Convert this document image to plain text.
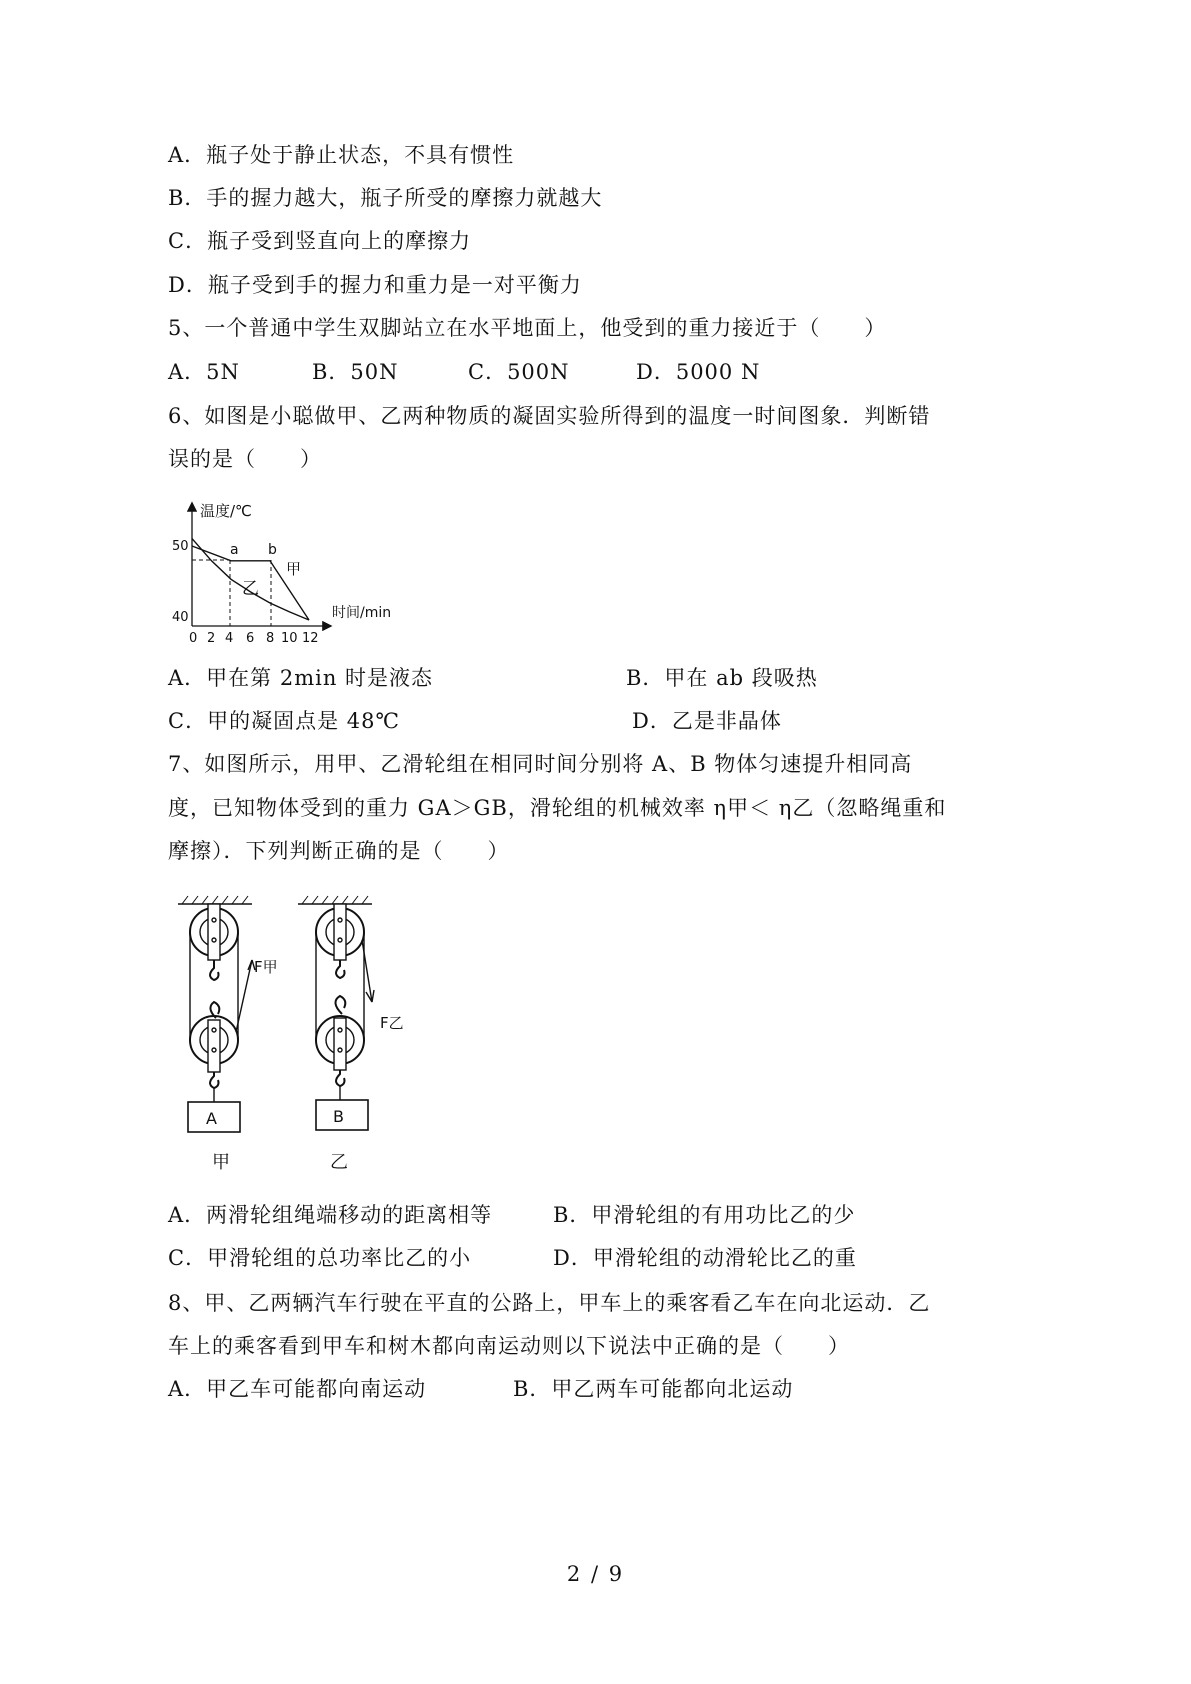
A．瓶子处于静止状态，不具有惯性
B．手的握力越大，瓶子所受的摩擦力就越大
C．瓶子受到竖直向上的摩擦力
D．瓶子受到手的握力和重力是一对平衡力
5、一个普通中学生双脚站立在水平地面上，他受到的重力接近于（　　）
A．5N	B．50N	C．500N	D．5000 N
6、如图是小聪做甲、乙两种物质的凝固实验所得到的温度一时间图象．判断错
误的是（　　）
温度/℃
时间/min
50
40
0 2 4 6 8 10 12
a b
甲
乙
A．甲在第 2min 时是液态	B．甲在 ab 段吸热
C．甲的凝固点是 48℃	D．乙是非晶体
7、如图所示，用甲、乙滑轮组在相同时间分别将 A、B 物体匀速提升相同高
度，已知物体受到的重力 GA＞GB，滑轮组的机械效率 η甲＜ η乙（忽略绳重和
摩擦）．下列判断正确的是（　　）
F甲
A
甲
F乙
B
乙
A．两滑轮组绳端移动的距离相等	B．甲滑轮组的有用功比乙的少
C．甲滑轮组的总功率比乙的小	D．甲滑轮组的动滑轮比乙的重
8、甲、乙两辆汽车行驶在平直的公路上，甲车上的乘客看乙车在向北运动．乙
车上的乘客看到甲车和树木都向南运动则以下说法中正确的是（　　）
A．甲乙车可能都向南运动	B．甲乙两车可能都向北运动
2 / 9
